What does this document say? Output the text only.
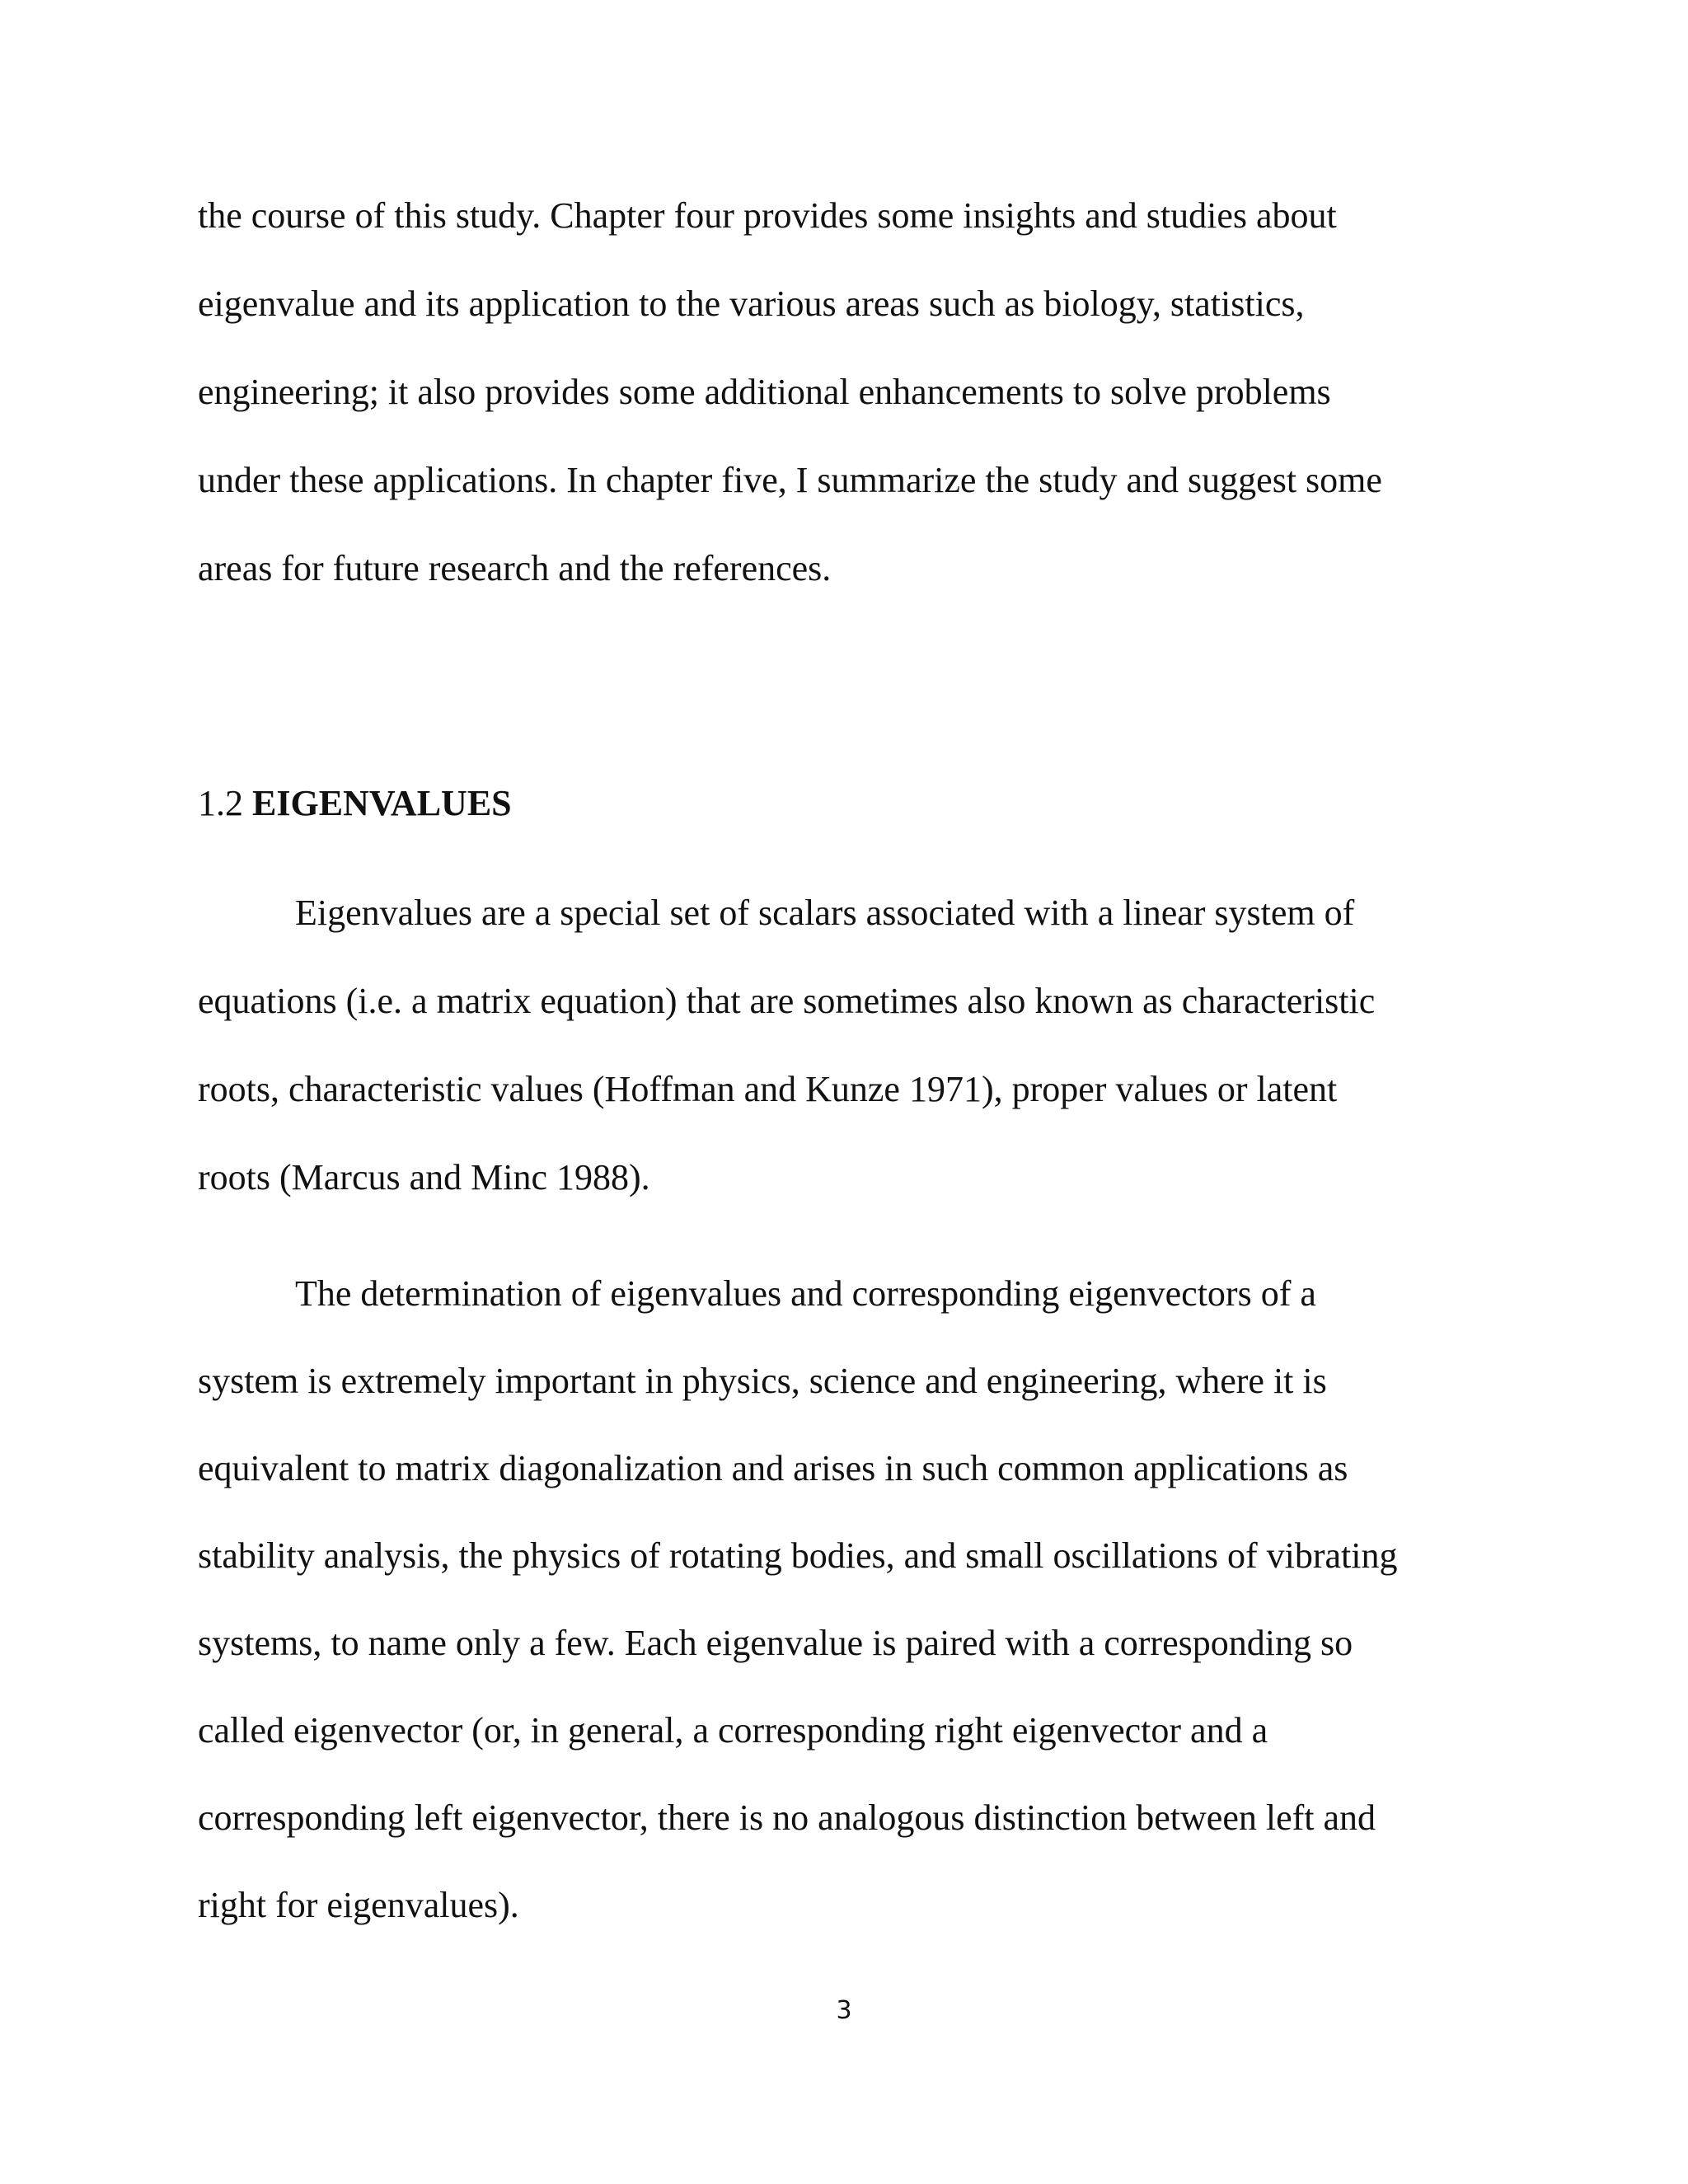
the course of this study. Chapter four provides some insights and studies about

eigenvalue and its application to the various areas such as biology, statistics,

engineering; it also provides some additional enhancements to solve problems

under these applications. In chapter five, I summarize the study and suggest some

areas for future research and the references.

1.2 EIGENVALUES

Eigenvalues are a special set of scalars associated with a linear system of

equations (i.e. a matrix equation) that are sometimes also known as characteristic

roots, characteristic values (Hoffman and Kunze 1971), proper values or latent

roots (Marcus and Minc 1988).

The determination of eigenvalues and corresponding eigenvectors of a

system is extremely important in physics, science and engineering, where it is

equivalent to matrix diagonalization and arises in such common applications as

stability analysis, the physics of rotating bodies, and small oscillations of vibrating

systems, to name only a few. Each eigenvalue is paired with a corresponding so

called eigenvector (or, in general, a corresponding right eigenvector and a

corresponding left eigenvector, there is no analogous distinction between left and

right for eigenvalues).

3
